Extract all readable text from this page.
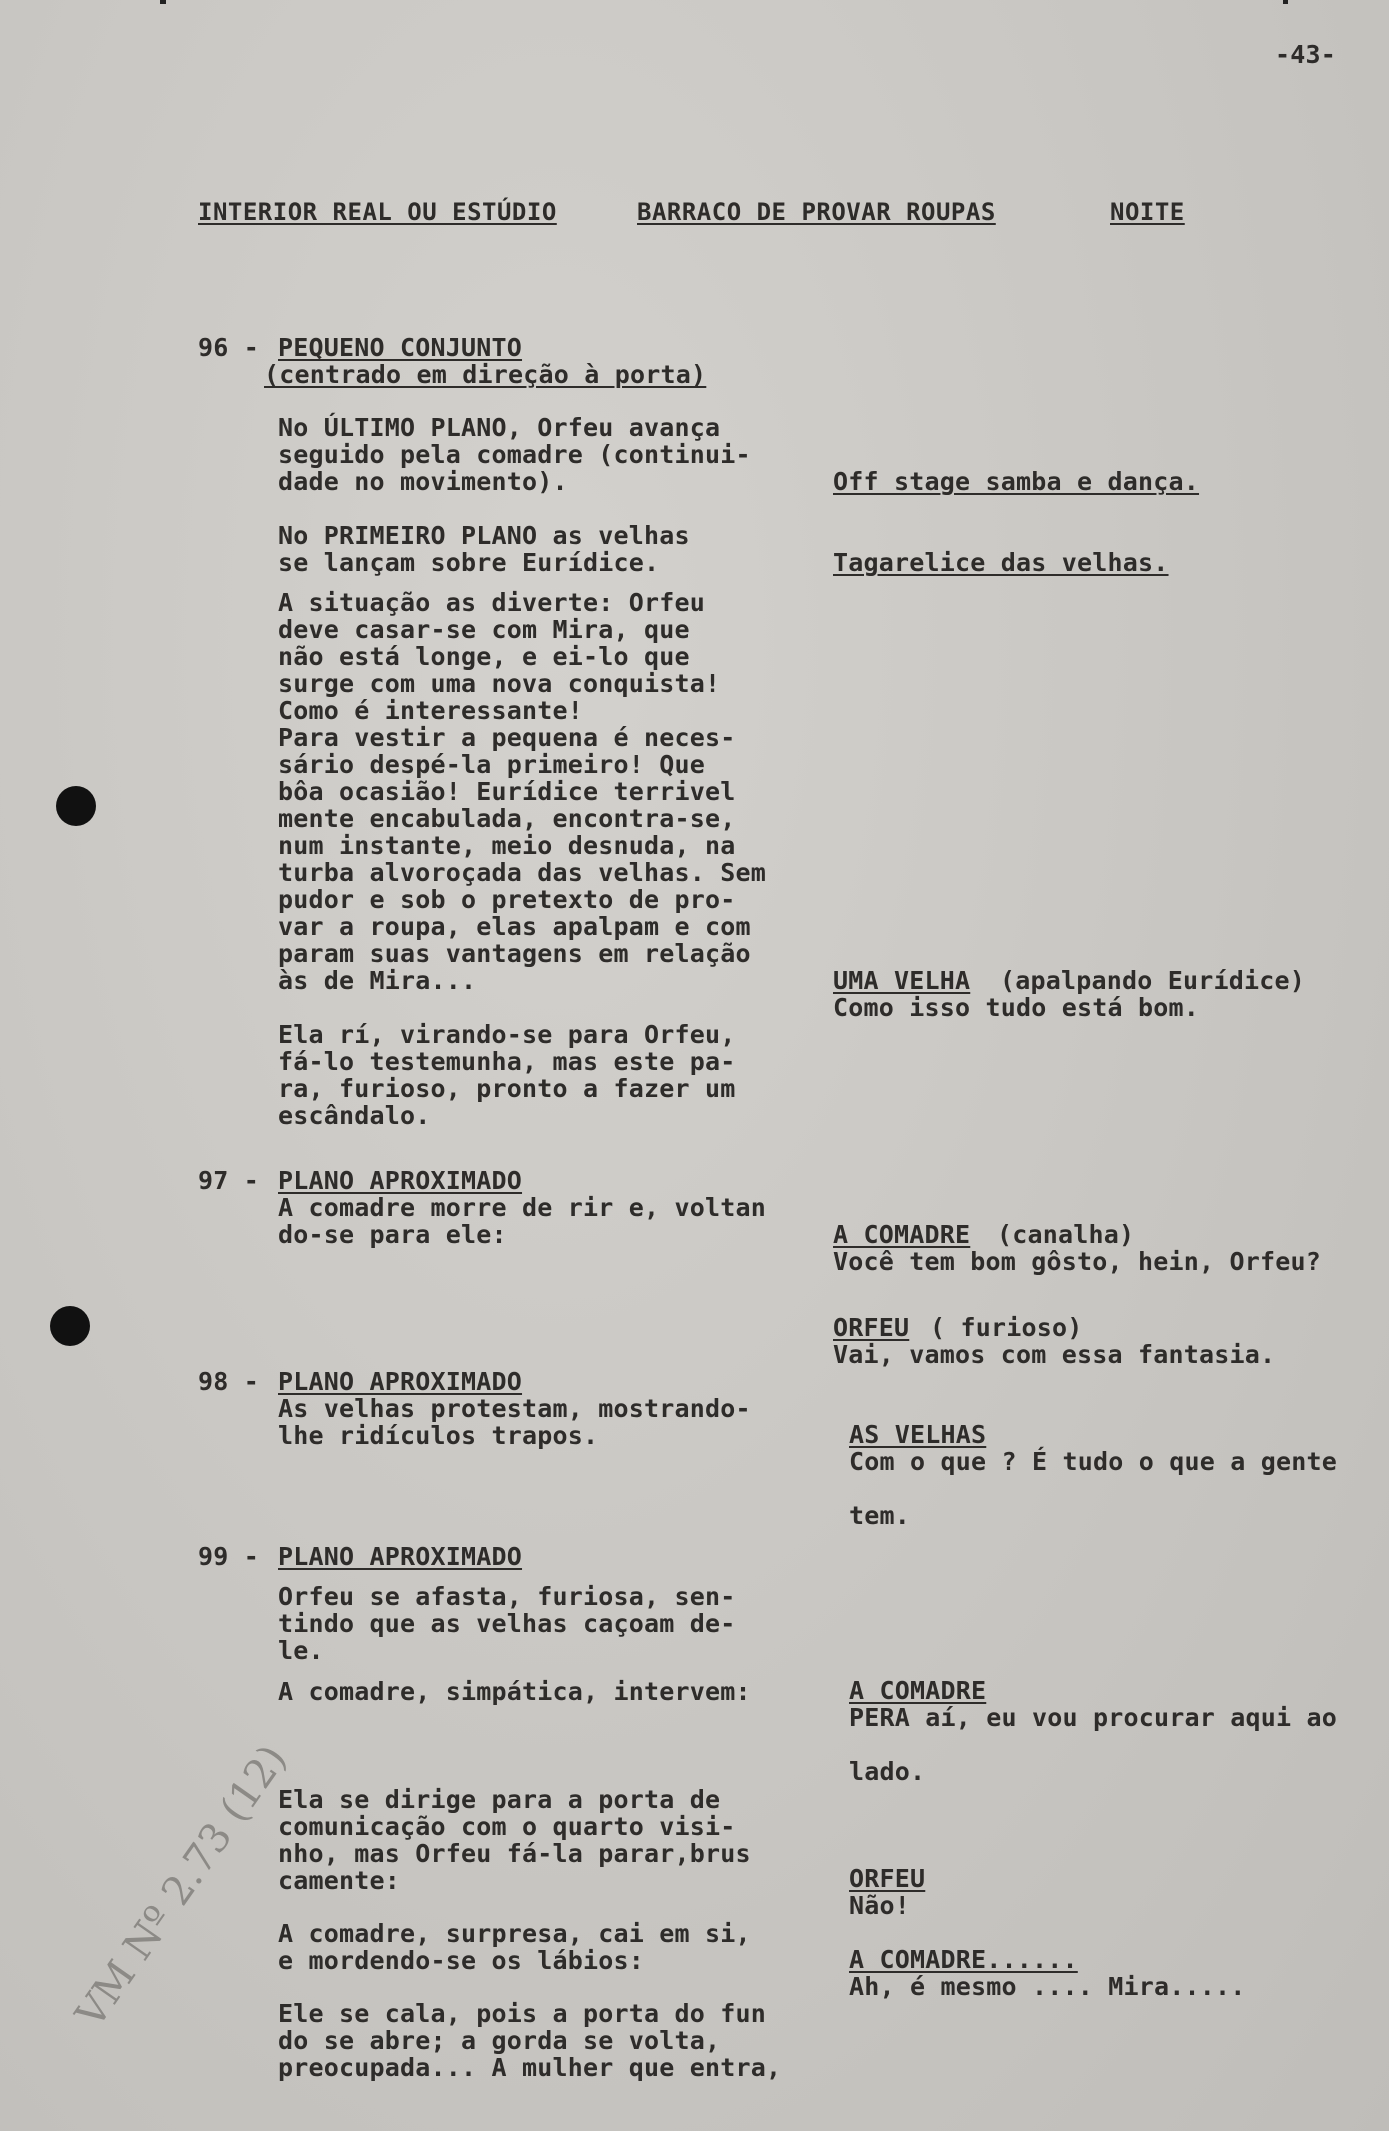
-43-

INTERIOR REAL OU ESTÚDIO	BARRACO DE PROVAR ROUPAS	NOITE

96 - PEQUENO CONJUNTO

(centrado em direção à porta)

No ÚLTIMO PLANO, Orfeu avança
seguido pela comadre (continui-
dade no movimento).

No PRIMEIRO PLANO as velhas
se lançam sobre Eurídice.

A situação as diverte: Orfeu
deve casar-se com Mira, que
não está longe, e ei-lo que
surge com uma nova conquista!
Como é interessante!
Para vestir a pequena é neces-
sário despé-la primeiro! Que
bôa ocasião! Eurídice terrivel
mente encabulada, encontra-se,
num instante, meio desnuda, na
turba alvoroçada das velhas. Sem
pudor e sob o pretexto de pro-
var a roupa, elas apalpam e com
param suas vantagens em relação
às de Mira...

Ela rí, virando-se para Orfeu,
fá-lo testemunha, mas este pa-
ra, furioso, pronto a fazer um
escândalo.

97 - PLANO APROXIMADO

A comadre morre de rir e, voltan
do-se para ele:

98 - PLANO APROXIMADO

As velhas protestam, mostrando-
lhe ridículos trapos.

99 - PLANO APROXIMADO

Orfeu se afasta, furiosa, sen-
tindo que as velhas caçoam de-
le.

A comadre, simpática, intervem:

Ela se dirige para a porta de
comunicação com o quarto visi-
nho, mas Orfeu fá-la parar,brus
camente:

A comadre, surpresa, cai em si,
e mordendo-se os lábios:

Ele se cala, pois a porta do fun
do se abre; a gorda se volta,
preocupada... A mulher que entra,

Off stage samba e dança.

Tagarelice das velhas.

UMA VELHA (apalpando Eurídice)

Como isso tudo está bom.

A COMADRE (canalha)

Você tem bom gôsto, hein, Orfeu?

ORFEU ( furioso)

Vai, vamos com essa fantasia.

AS VELHAS

Com o que ? É tudo o que a gente

tem.

A COMADRE

PERA aí, eu vou procurar aqui ao

lado.

ORFEU

Não!

A COMADRE......

Ah, é mesmo .... Mira.....

VM Nº 2.73 (12)
